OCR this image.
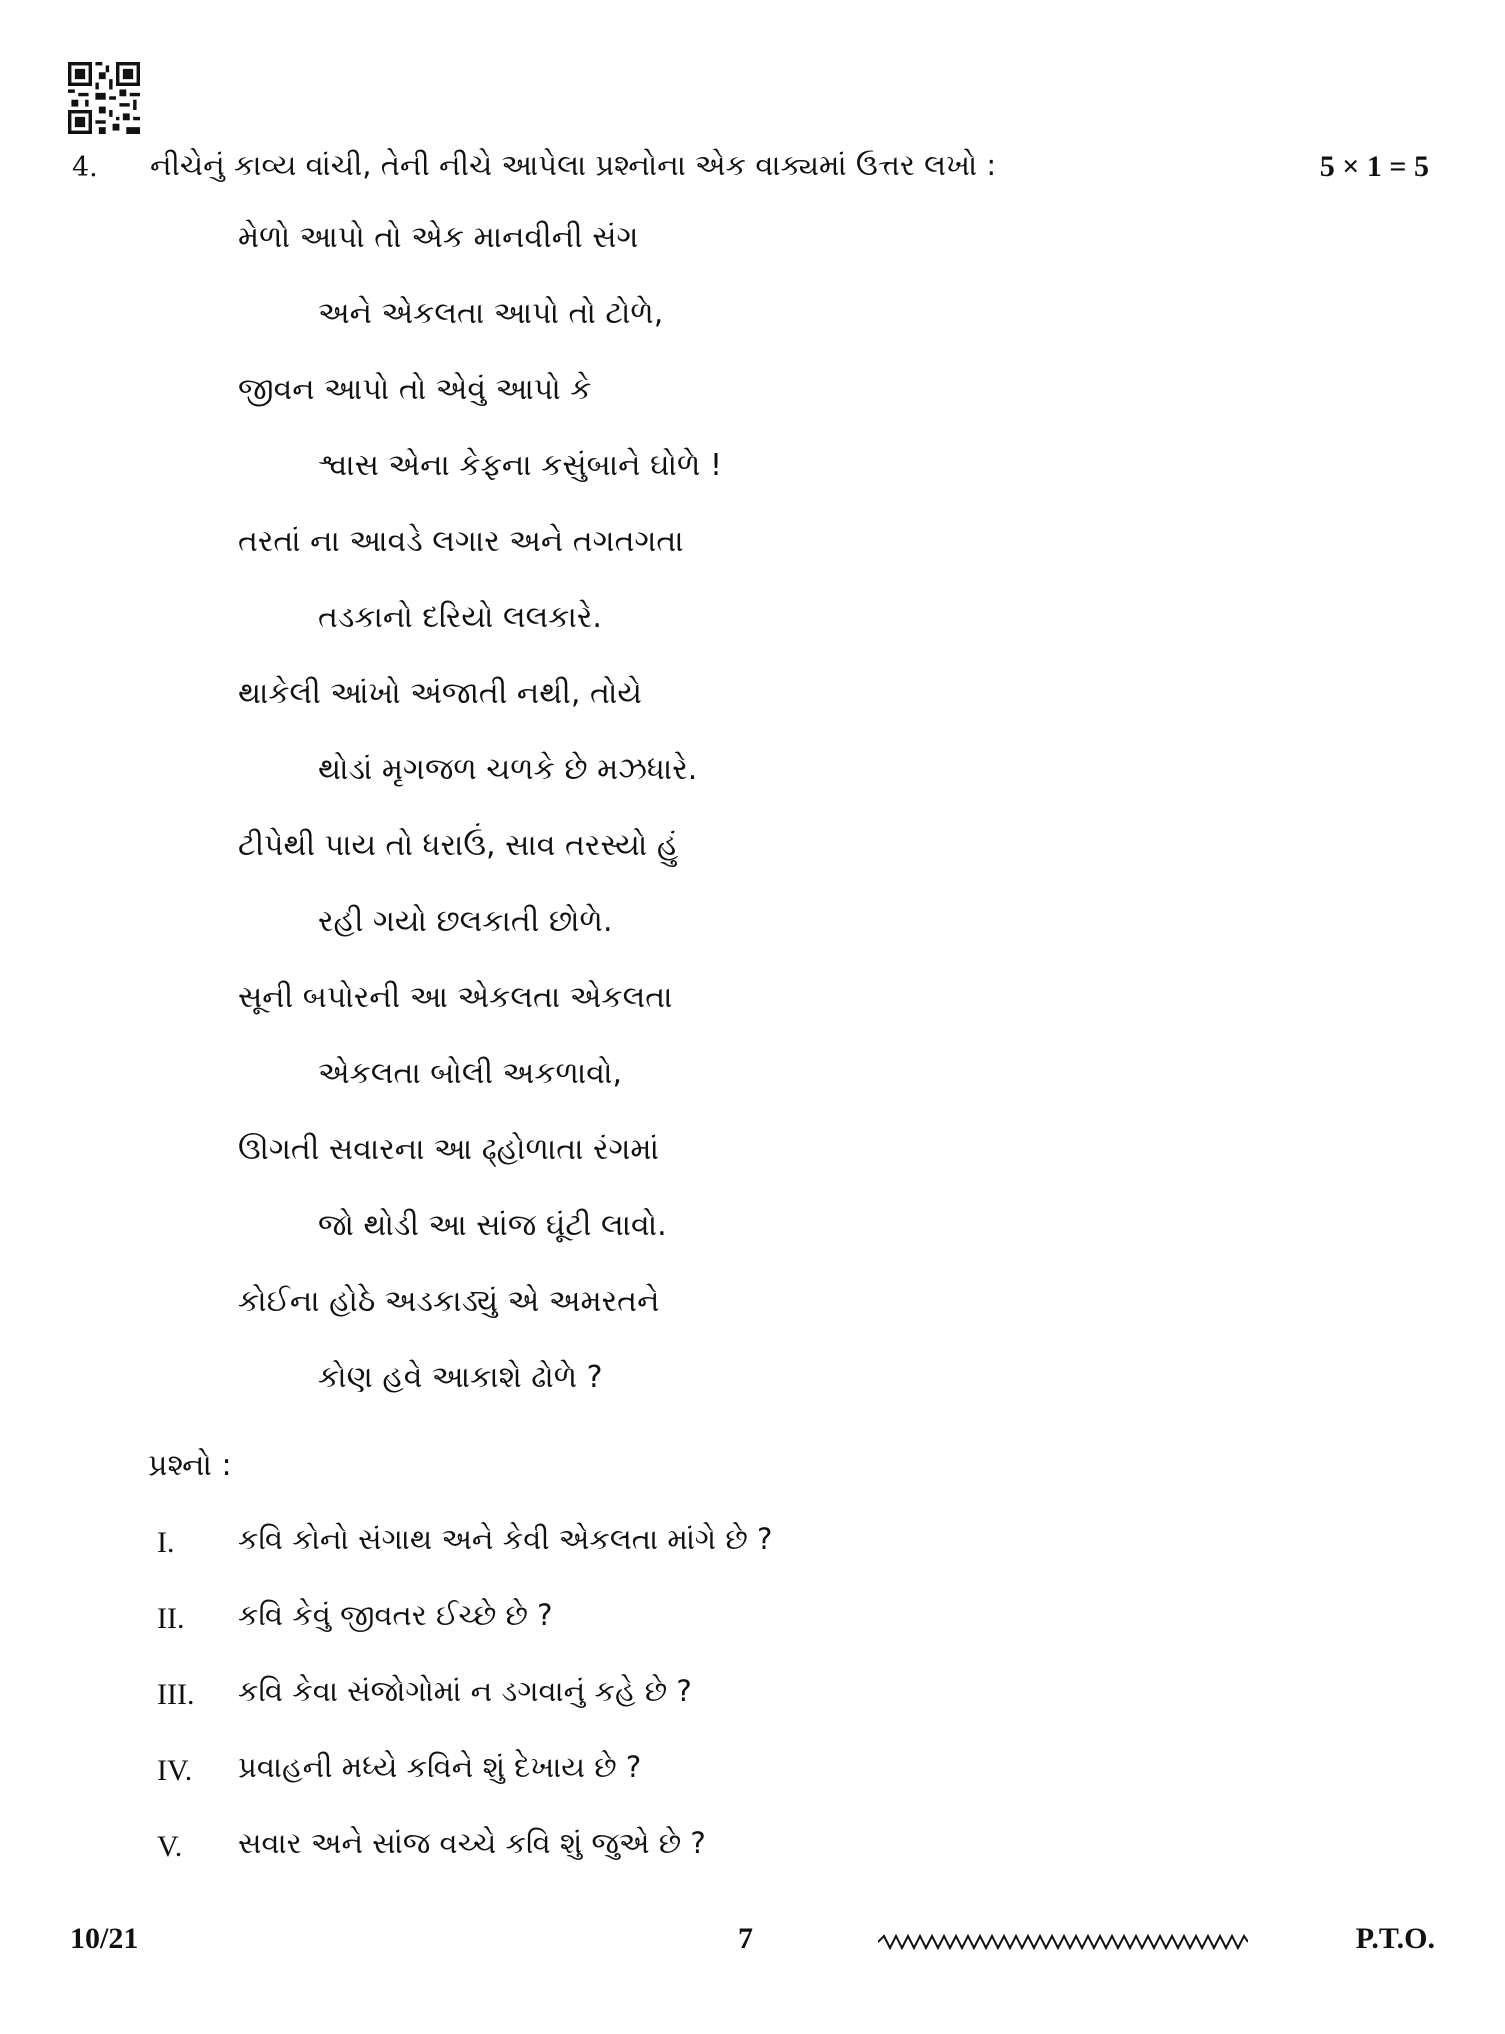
4. નીચેનું કાવ્ય વાંચી, તેની નીચે આપેલા પ્રશ્નોના એક વાક્યમાં ઉત્તર લખો :	5 × 1 = 5
મેળો આપો તો એક માનવીની સંગ
અને એકલતા આપો તો ટોળે,
જીવન આપો તો એવું આપો કે
શ્વાસ એના કેફના કસુંબાને ઘોળે !
તરતાં ના આવડે લગાર અને તગતગતા
તડકાનો દરિયો લલકારે.
થાકેલી આંખો અંજાતી નથી, તોયે
થોડાં મૃગજળ ચળકે છે મઝધારે.
ટીપેથી પાય તો ધરાઉં, સાવ તરસ્યો હું
રહી ગયો છલકાતી છોળે.
સૂની બપોરની આ એકલતા એકલતા
એકલતા બોલી અકળાવો,
ઊગતી સવારના આ ઢ્હોળાતા રંગમાં
જો થોડી આ સાંજ ઘૂંટી લાવો.
કોઈના હોઠે અડકાડ્યું એ અમરતને
કોણ હવે આકાશે ઢોળે ?
પ્રશ્નો :
I. કવિ કોનો સંગાથ અને કેવી એકલતા માંગે છે ?
II. કવિ કેવું જીવતર ઈચ્છે છે ?
III. કવિ કેવા સંજોગોમાં ન ડગવાનું કહે છે ?
IV. પ્રવાહની મધ્યે કવિને શું દેખાય છે ?
V. સવાર અને સાંજ વચ્ચે કવિ શું જુએ છે ?
10/21	7	P.T.O.
